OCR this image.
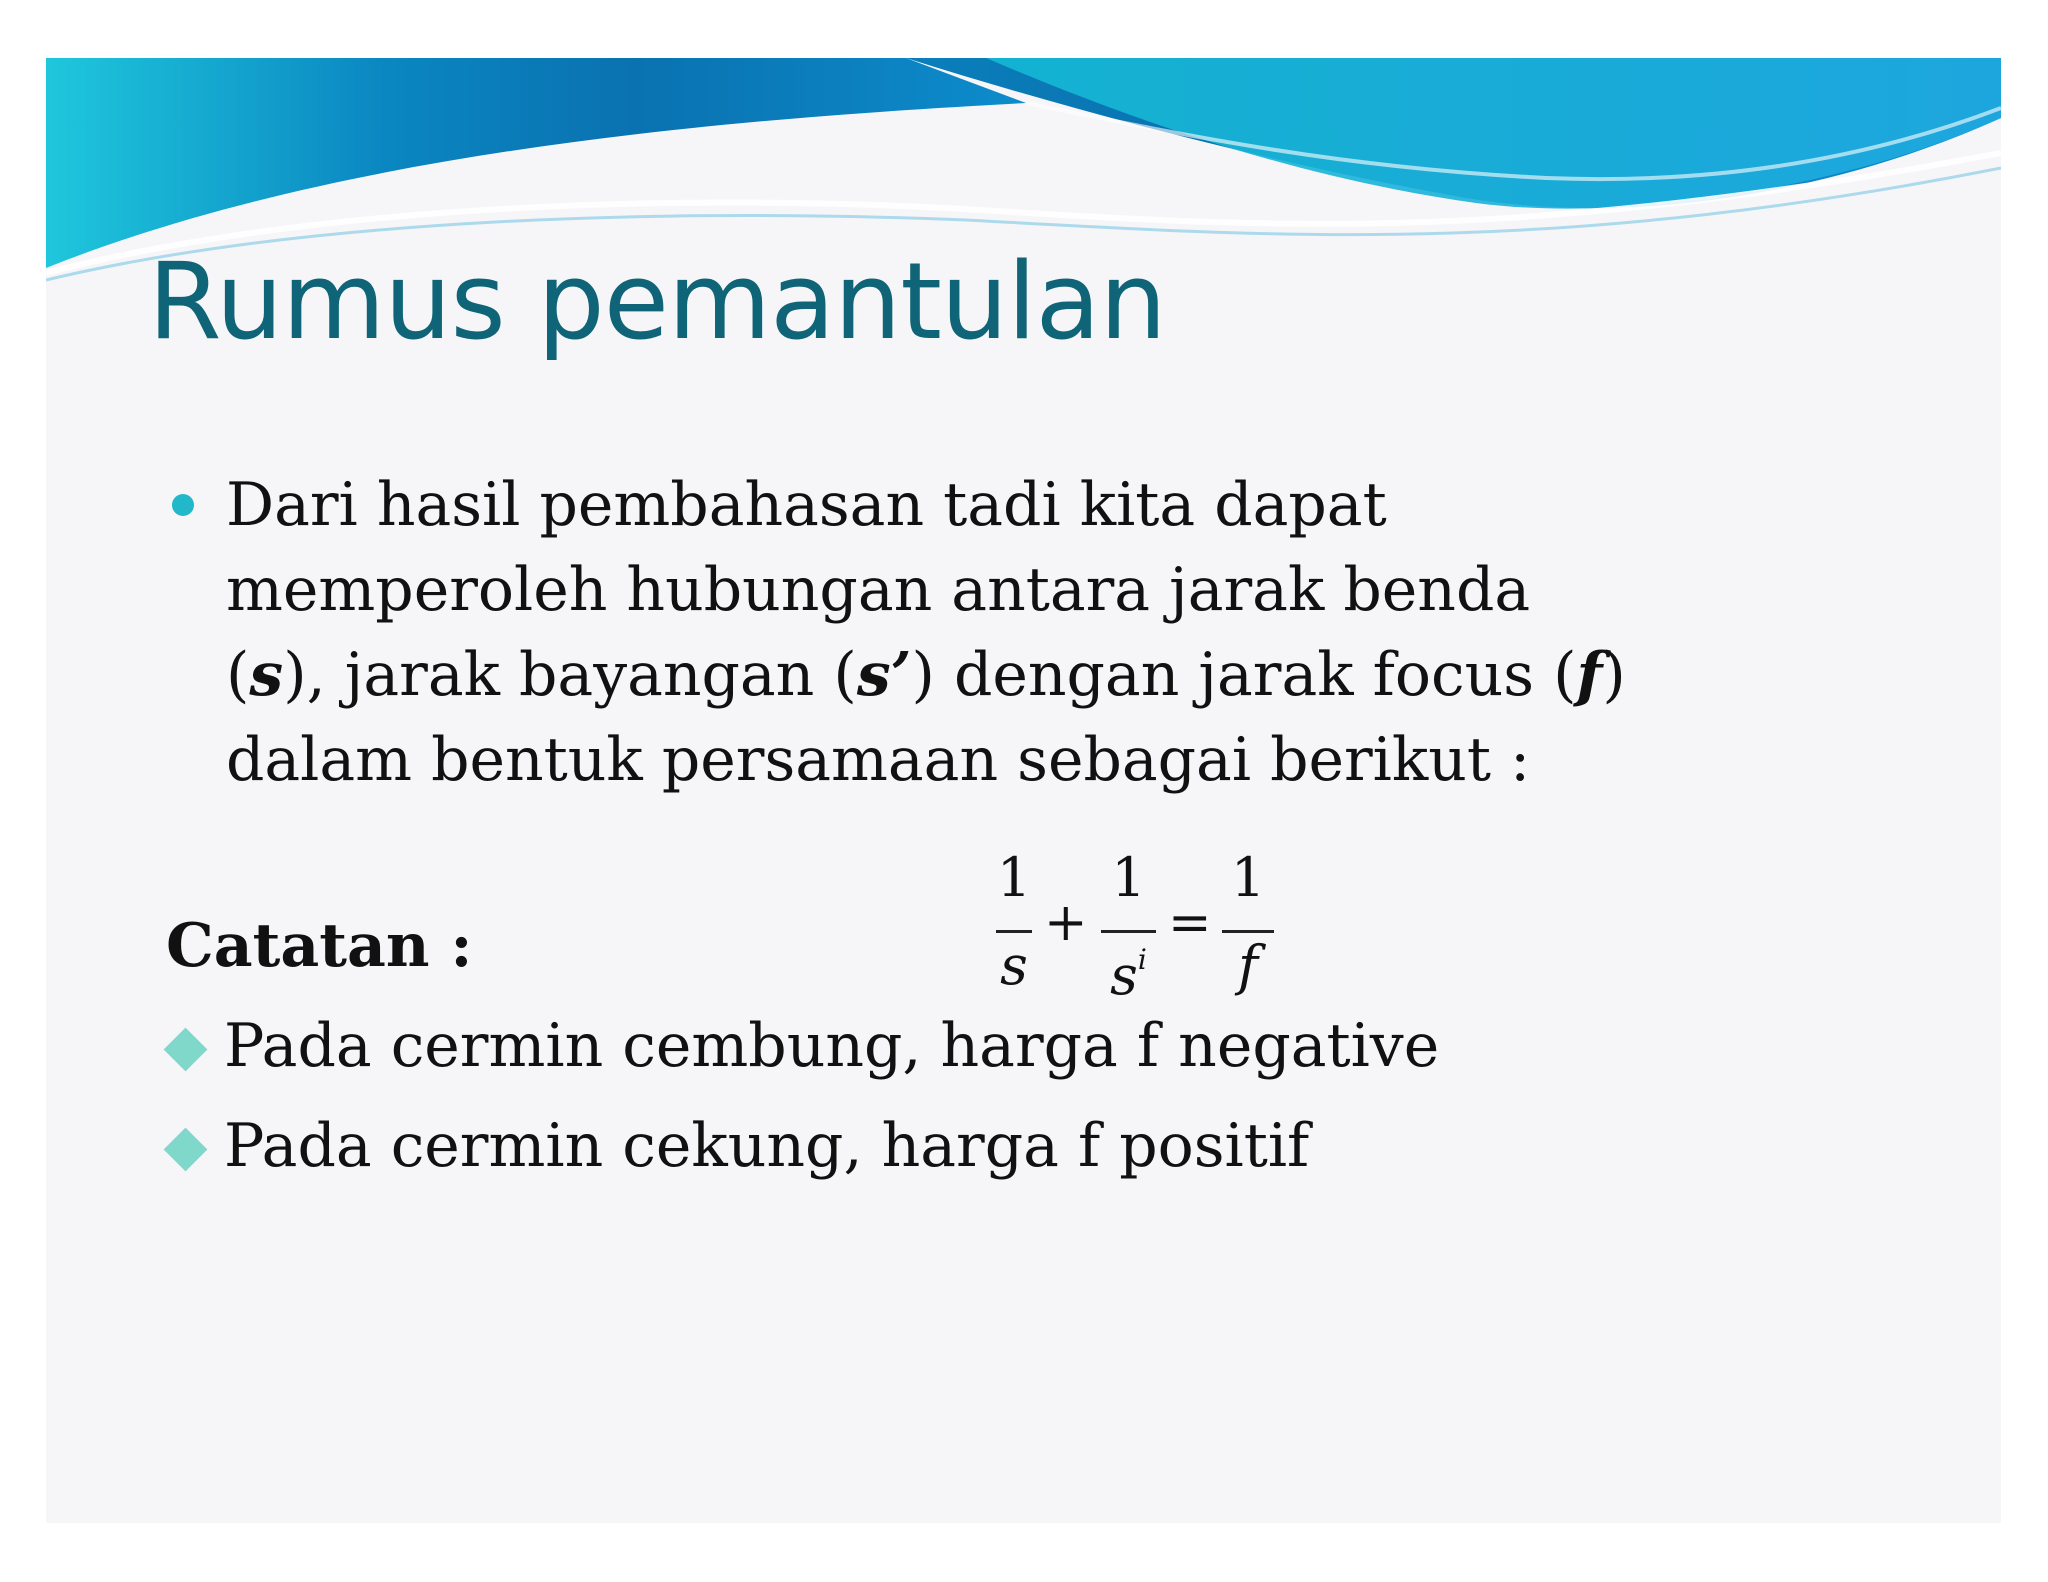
Rumus pemantulan

Dari hasil pembahasan tadi kita dapat memperoleh hubungan antara jarak benda (s), jarak bayangan (s’) dengan jarak focus (f) dalam bentuk persamaan sebagai berikut :

1
s
+
1
$s^i$
=
1
f

Catatan :

Pada cermin cembung, harga f negative
Pada cermin cekung, harga f positif
